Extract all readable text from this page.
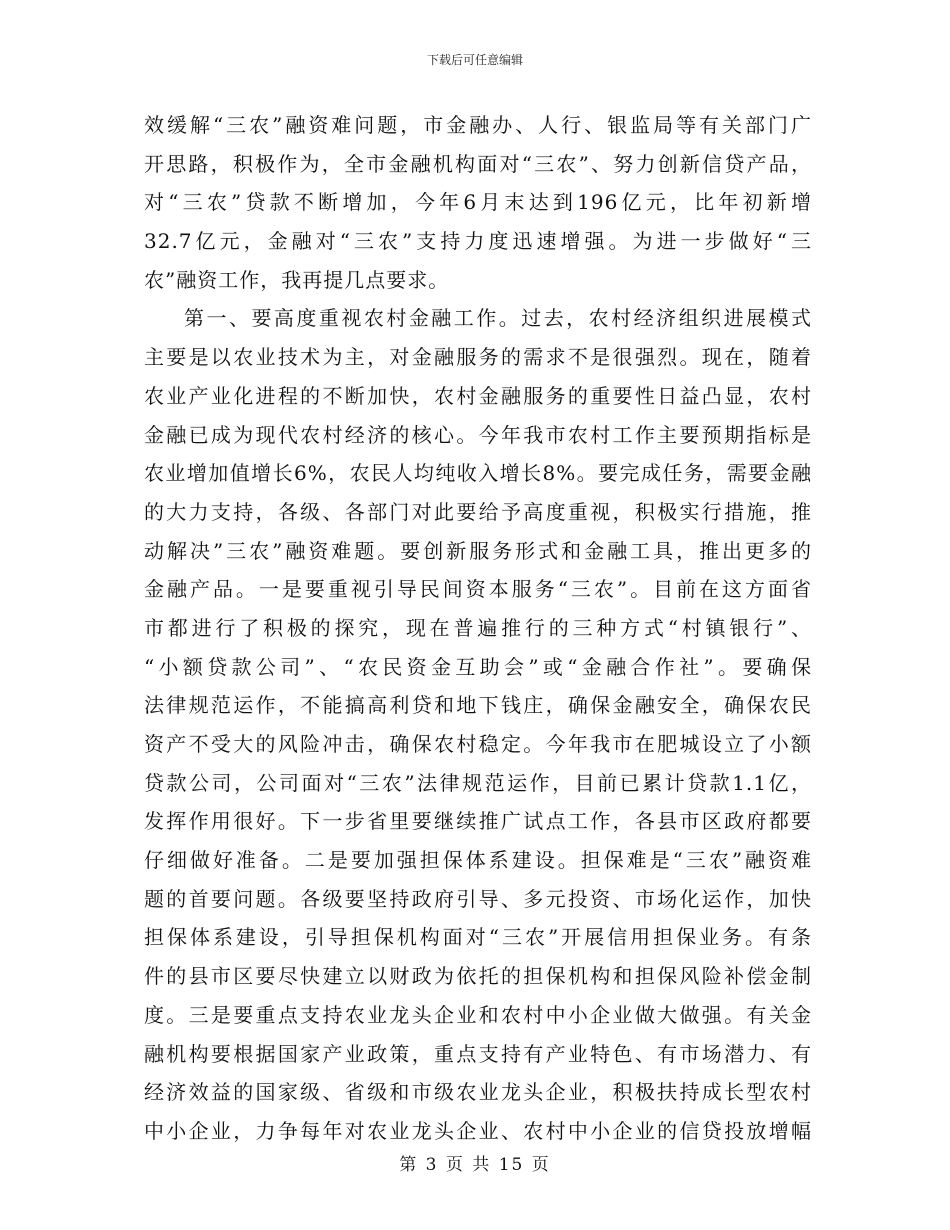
下载后可任意编辑
效缓解“三农”融资难问题，市金融办、人行、银监局等有关部门广
开思路，积极作为，全市金融机构面对“三农”、努力创新信贷产品，
对“三农”贷款不断增加，今年6月末达到196亿元，比年初新增
32.7亿元，金融对“三农”支持力度迅速增强。为进一步做好“三
农”融资工作，我再提几点要求。
第一、要高度重视农村金融工作。过去，农村经济组织进展模式
主要是以农业技术为主，对金融服务的需求不是很强烈。现在，随着
农业产业化进程的不断加快，农村金融服务的重要性日益凸显，农村
金融已成为现代农村经济的核心。今年我市农村工作主要预期指标是
农业增加值增长6%，农民人均纯收入增长8%。要完成任务，需要金融
的大力支持，各级、各部门对此要给予高度重视，积极实行措施，推
动解决”三农”融资难题。要创新服务形式和金融工具，推出更多的
金融产品。一是要重视引导民间资本服务“三农”。目前在这方面省
市都进行了积极的探究，现在普遍推行的三种方式“村镇银行”、
“小额贷款公司”、“农民资金互助会”或“金融合作社”。要确保
法律规范运作，不能搞高利贷和地下钱庄，确保金融安全，确保农民
资产不受大的风险冲击，确保农村稳定。今年我市在肥城设立了小额
贷款公司，公司面对“三农”法律规范运作，目前已累计贷款1.1亿，
发挥作用很好。下一步省里要继续推广试点工作，各县市区政府都要
仔细做好准备。二是要加强担保体系建设。担保难是“三农”融资难
题的首要问题。各级要坚持政府引导、多元投资、市场化运作，加快
担保体系建设，引导担保机构面对“三农”开展信用担保业务。有条
件的县市区要尽快建立以财政为依托的担保机构和担保风险补偿金制
度。三是要重点支持农业龙头企业和农村中小企业做大做强。有关金
融机构要根据国家产业政策，重点支持有产业特色、有市场潜力、有
经济效益的国家级、省级和市级农业龙头企业，积极扶持成长型农村
中小企业，力争每年对农业龙头企业、农村中小企业的信贷投放增幅
第 3 页 共 15 页
